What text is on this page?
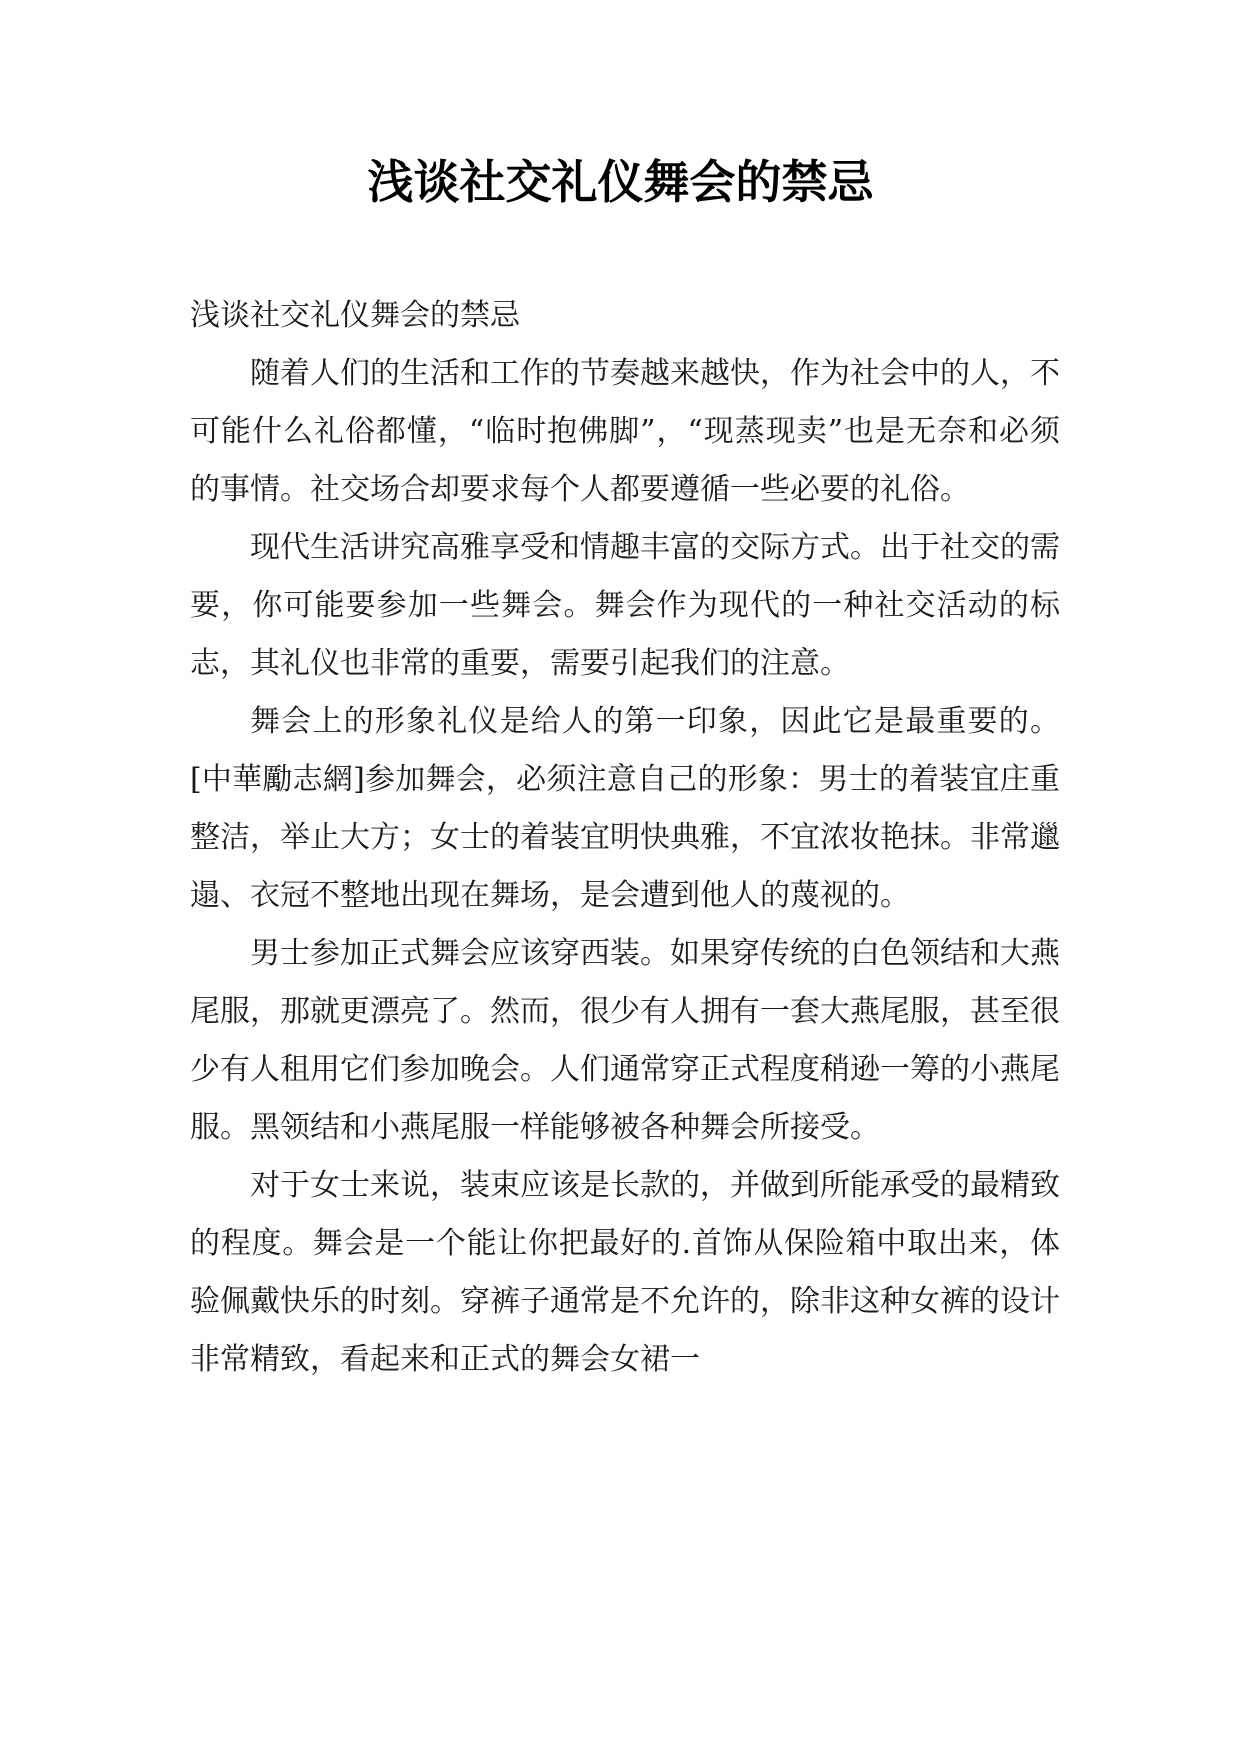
浅谈社交礼仪舞会的禁忌

浅谈社交礼仪舞会的禁忌

随着人们的生活和工作的节奏越来越快，作为社会中的人，不可能什么礼俗都懂，“临时抱佛脚”，“现蒸现卖”也是无奈和必须的事情。社交场合却要求每个人都要遵循一些必要的礼俗。

现代生活讲究高雅享受和情趣丰富的交际方式。出于社交的需要，你可能要参加一些舞会。舞会作为现代的一种社交活动的标志，其礼仪也非常的重要，需要引起我们的注意。

舞会上的形象礼仪是给人的第一印象，因此它是最重要的。[中華勵志網]参加舞会，必须注意自己的形象：男士的着装宜庄重整洁，举止大方；女士的着装宜明快典雅，不宜浓妆艳抹。非常邋遢、衣冠不整地出现在舞场，是会遭到他人的蔑视的。

男士参加正式舞会应该穿西装。如果穿传统的白色领结和大燕尾服，那就更漂亮了。然而，很少有人拥有一套大燕尾服，甚至很少有人租用它们参加晚会。人们通常穿正式程度稍逊一筹的小燕尾服。黑领结和小燕尾服一样能够被各种舞会所接受。

对于女士来说，装束应该是长款的，并做到所能承受的最精致的程度。舞会是一个能让你把最好的.首饰从保险箱中取出来，体验佩戴快乐的时刻。穿裤子通常是不允许的，除非这种女裤的设计非常精致，看起来和正式的舞会女裙一
